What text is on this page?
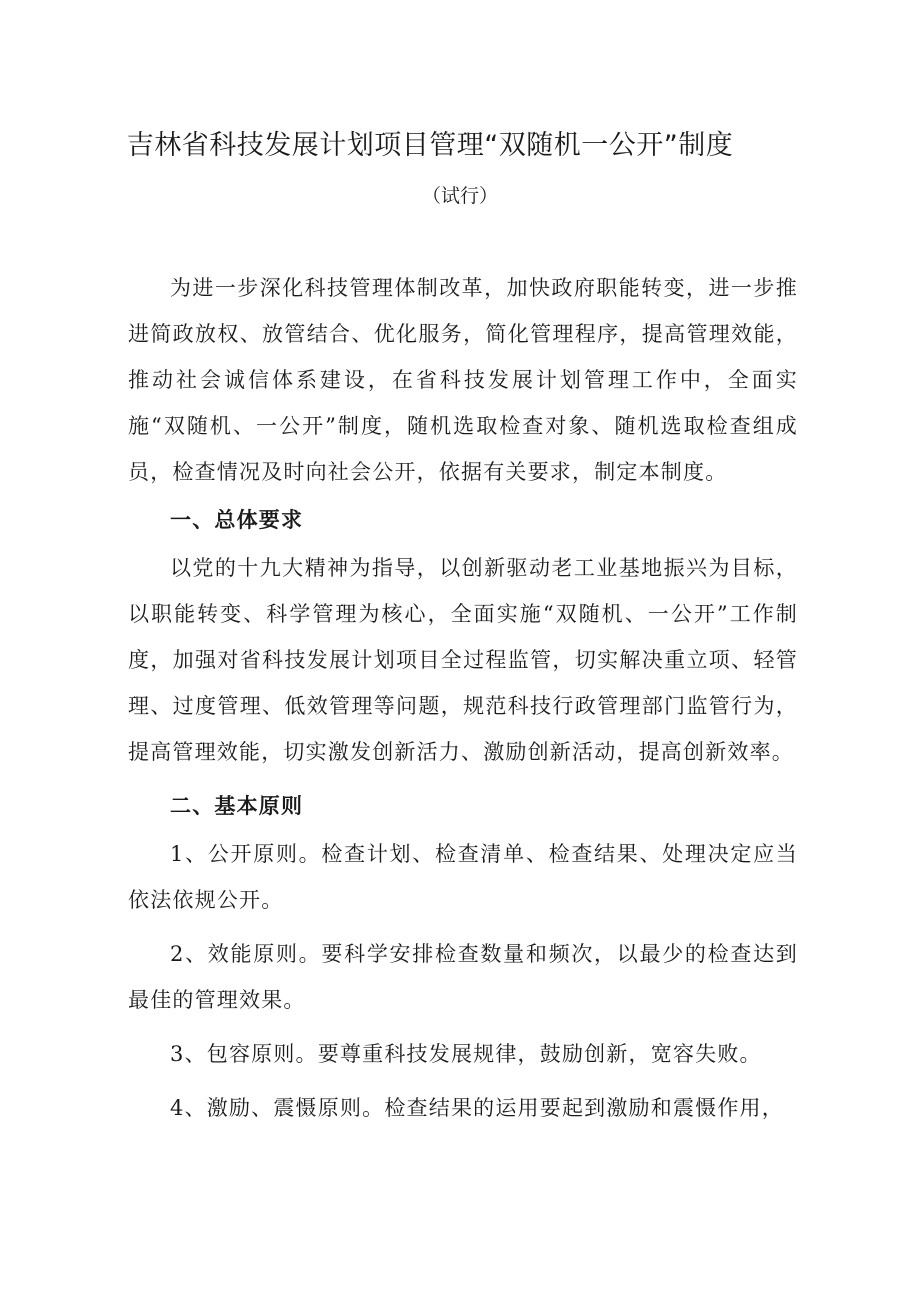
吉林省科技发展计划项目管理“双随机一公开”制度
（试行）

为进一步深化科技管理体制改革，加快政府职能转变，进一步推进简政放权、放管结合、优化服务，简化管理程序，提高管理效能，推动社会诚信体系建设，在省科技发展计划管理工作中，全面实施“双随机、一公开”制度，随机选取检查对象、随机选取检查组成员，检查情况及时向社会公开，依据有关要求，制定本制度。

一、总体要求

以党的十九大精神为指导，以创新驱动老工业基地振兴为目标，以职能转变、科学管理为核心，全面实施“双随机、一公开”工作制度，加强对省科技发展计划项目全过程监管，切实解决重立项、轻管理、过度管理、低效管理等问题，规范科技行政管理部门监管行为，提高管理效能，切实激发创新活力、激励创新活动，提高创新效率。

二、基本原则

1、公开原则。检查计划、检查清单、检查结果、处理决定应当依法依规公开。

2、效能原则。要科学安排检查数量和频次，以最少的检查达到最佳的管理效果。

3、包容原则。要尊重科技发展规律，鼓励创新，宽容失败。

4、激励、震慑原则。检查结果的运用要起到激励和震慑作用，
